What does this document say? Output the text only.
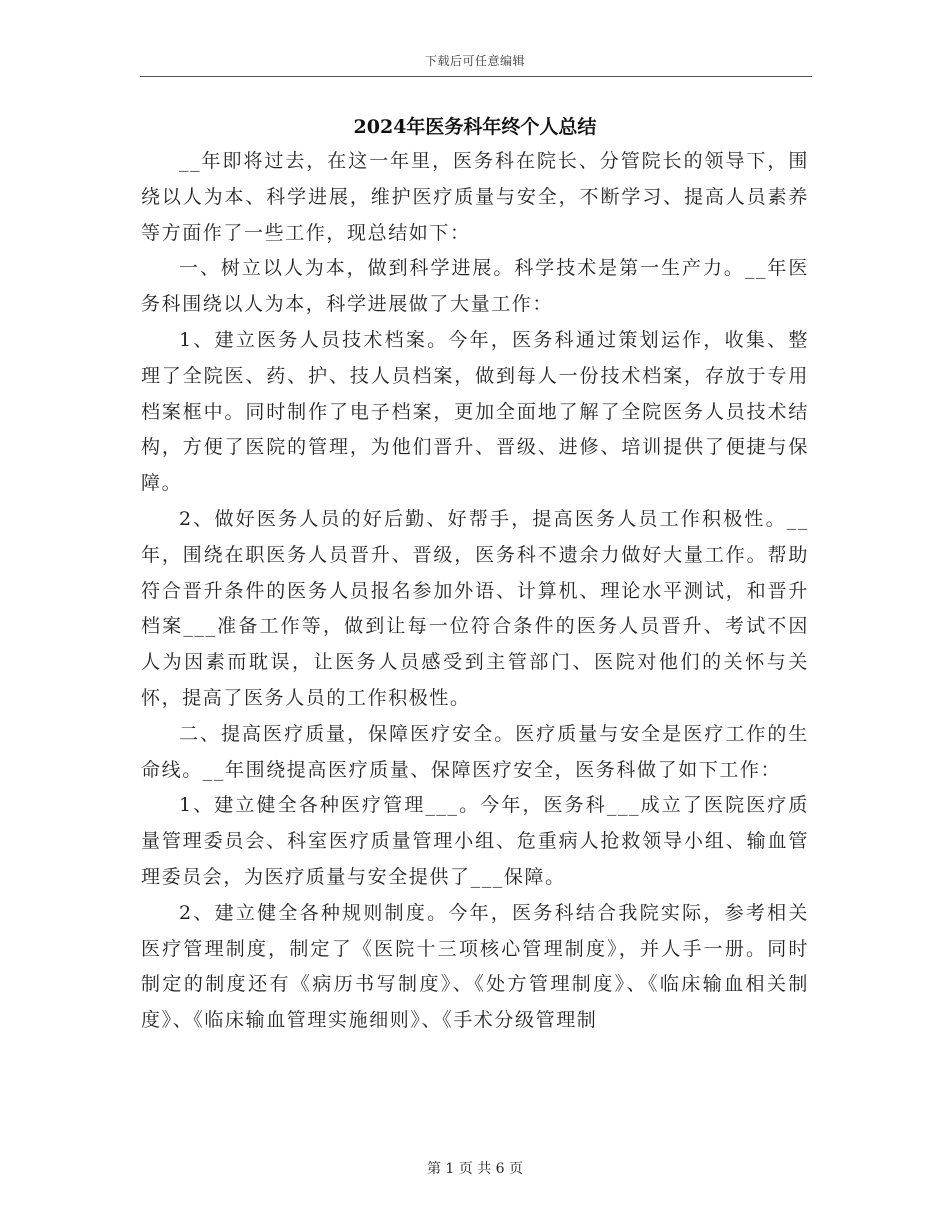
下载后可任意编辑
2024年医务科年终个人总结

__年即将过去，在这一年里，医务科在院长、分管院长的领导下，围绕以人为本、科学进展，维护医疗质量与安全，不断学习、提高人员素养等方面作了一些工作，现总结如下：

一、树立以人为本，做到科学进展。科学技术是第一生产力。__年医务科围绕以人为本，科学进展做了大量工作：

1、建立医务人员技术档案。今年，医务科通过策划运作，收集、整理了全院医、药、护、技人员档案，做到每人一份技术档案，存放于专用档案框中。同时制作了电子档案，更加全面地了解了全院医务人员技术结构，方便了医院的管理，为他们晋升、晋级、进修、培训提供了便捷与保障。

2、做好医务人员的好后勤、好帮手，提高医务人员工作积极性。__年，围绕在职医务人员晋升、晋级，医务科不遗余力做好大量工作。帮助符合晋升条件的医务人员报名参加外语、计算机、理论水平测试，和晋升档案___准备工作等，做到让每一位符合条件的医务人员晋升、考试不因人为因素而耽误，让医务人员感受到主管部门、医院对他们的关怀与关怀，提高了医务人员的工作积极性。

二、提高医疗质量，保障医疗安全。医疗质量与安全是医疗工作的生命线。__年围绕提高医疗质量、保障医疗安全，医务科做了如下工作：

1、建立健全各种医疗管理___。今年，医务科___成立了医院医疗质量管理委员会、科室医疗质量管理小组、危重病人抢救领导小组、输血管理委员会，为医疗质量与安全提供了___保障。

2、建立健全各种规则制度。今年，医务科结合我院实际，参考相关医疗管理制度，制定了《医院十三项核心管理制度》，并人手一册。同时制定的制度还有《病历书写制度》、《处方管理制度》、《临床输血相关制度》、《临床输血管理实施细则》、《手术分级管理制

第 1 页 共 6 页
